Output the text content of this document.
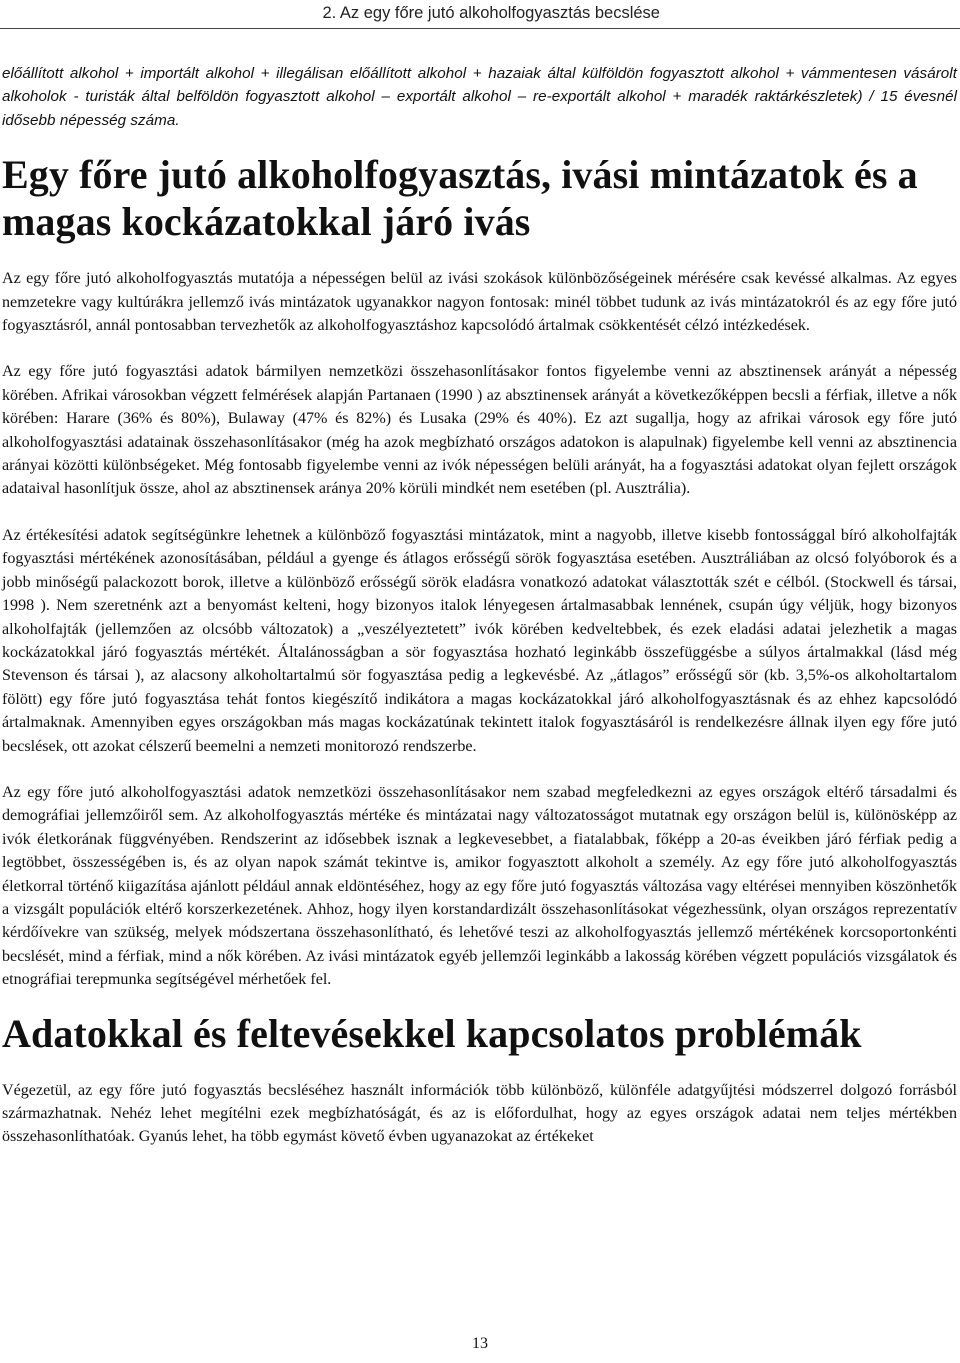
2. Az egy főre jutó alkoholfogyasztás becslése

előállított alkohol + importált alkohol + illegálisan előállított alkohol + hazaiak által külföldön fogyasztott alkohol + vámmentesen vásárolt alkoholok - turisták által belföldön fogyasztott alkohol – exportált alkohol – re-exportált alkohol + maradék raktárkészletek) / 15 évesnél idősebb népesség száma.

Egy főre jutó alkoholfogyasztás, ivási mintázatok és a magas kockázatokkal járó ivás

Az egy főre jutó alkoholfogyasztás mutatója a népességen belül az ivási szokások különbözőségeinek mérésére csak kevéssé alkalmas. Az egyes nemzetekre vagy kultúrákra jellemző ivás mintázatok ugyanakkor nagyon fontosak: minél többet tudunk az ivás mintázatokról és az egy főre jutó fogyasztásról, annál pontosabban tervezhetők az alkoholfogyasztáshoz kapcsolódó ártalmak csökkentését célzó intézkedések.

Az egy főre jutó fogyasztási adatok bármilyen nemzetközi összehasonlításakor fontos figyelembe venni az absztinensek arányát a népesség körében. Afrikai városokban végzett felmérések alapján Partanaen (1990 ) az absztinensek arányát a következőképpen becsli a férfiak, illetve a nők körében: Harare (36% és 80%), Bulaway (47% és 82%) és Lusaka (29% és 40%). Ez azt sugallja, hogy az afrikai városok egy főre jutó alkoholfogyasztási adatainak összehasonlításakor (még ha azok megbízható országos adatokon is alapulnak) figyelembe kell venni az absztinencia arányai közötti különbségeket. Még fontosabb figyelembe venni az ivók népességen belüli arányát, ha a fogyasztási adatokat olyan fejlett országok adataival hasonlítjuk össze, ahol az absztinensek aránya 20% körüli mindkét nem esetében (pl. Ausztrália).

Az értékesítési adatok segítségünkre lehetnek a különböző fogyasztási mintázatok, mint a nagyobb, illetve kisebb fontossággal bíró alkoholfajták fogyasztási mértékének azonosításában, például a gyenge és átlagos erősségű sörök fogyasztása esetében. Ausztráliában az olcsó folyóborok és a jobb minőségű palackozott borok, illetve a különböző erősségű sörök eladásra vonatkozó adatokat választották szét e célból. (Stockwell és társai, 1998 ). Nem szeretnénk azt a benyomást kelteni, hogy bizonyos italok lényegesen ártalmasabbak lennének, csupán úgy véljük, hogy bizonyos alkoholfajták (jellemzően az olcsóbb változatok) a „veszélyeztetett” ivók körében kedveltebbek, és ezek eladási adatai jelezhetik a magas kockázatokkal járó fogyasztás mértékét. Általánosságban a sör fogyasztása hozható leginkább összefüggésbe a súlyos ártalmakkal (lásd még Stevenson és társai ), az alacsony alkoholtartalmú sör fogyasztása pedig a legkevésbé. Az „átlagos” erősségű sör (kb. 3,5%-os alkoholtartalom fölött) egy főre jutó fogyasztása tehát fontos kiegészítő indikátora a magas kockázatokkal járó alkoholfogyasztásnak és az ehhez kapcsolódó ártalmaknak. Amennyiben egyes országokban más magas kockázatúnak tekintett italok fogyasztásáról is rendelkezésre állnak ilyen egy főre jutó becslések, ott azokat célszerű beemelni a nemzeti monitorozó rendszerbe.

Az egy főre jutó alkoholfogyasztási adatok nemzetközi összehasonlításakor nem szabad megfeledkezni az egyes országok eltérő társadalmi és demográfiai jellemzőiről sem. Az alkoholfogyasztás mértéke és mintázatai nagy változatosságot mutatnak egy országon belül is, különösképp az ivók életkorának függvényében. Rendszerint az idősebbek isznak a legkevesebbet, a fiatalabbak, főképp a 20-as éveikben járó férfiak pedig a legtöbbet, összességében is, és az olyan napok számát tekintve is, amikor fogyasztott alkoholt a személy. Az egy főre jutó alkoholfogyasztás életkorral történő kiigazítása ajánlott például annak eldöntéséhez, hogy az egy főre jutó fogyasztás változása vagy eltérései mennyiben köszönhetők a vizsgált populációk eltérő korszerkezetének. Ahhoz, hogy ilyen korstandardizált összehasonlításokat végezhessünk, olyan országos reprezentatív kérdőívekre van szükség, melyek módszertana összehasonlítható, és lehetővé teszi az alkoholfogyasztás jellemző mértékének korcsoportonkénti becslését, mind a férfiak, mind a nők körében. Az ivási mintázatok egyéb jellemzői leginkább a lakosság körében végzett populációs vizsgálatok és etnográfiai terepmunka segítségével mérhetőek fel.

Adatokkal és feltevésekkel kapcsolatos problémák

Végezetül, az egy főre jutó fogyasztás becsléséhez használt információk több különböző, különféle adatgyűjtési módszerrel dolgozó forrásból származhatnak. Nehéz lehet megítélni ezek megbízhatóságát, és az is előfordulhat, hogy az egyes országok adatai nem teljes mértékben összehasonlíthatóak. Gyanús lehet, ha több egymást követő évben ugyanazokat az értékeket

13
